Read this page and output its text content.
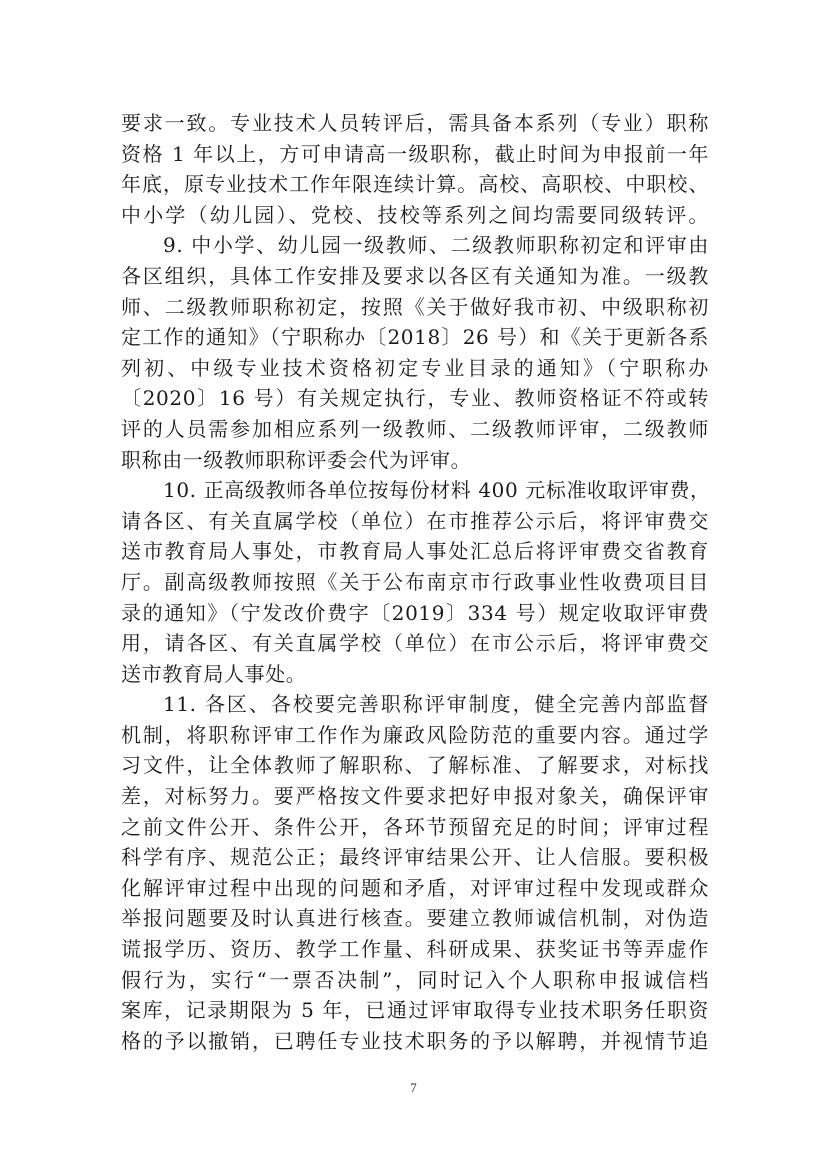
要求一致。专业技术人员转评后，需具备本系列（专业）职称
资格 1 年以上，方可申请高一级职称，截止时间为申报前一年
年底，原专业技术工作年限连续计算。高校、高职校、中职校、
中小学（幼儿园）、党校、技校等系列之间均需要同级转评。
9. 中小学、幼儿园一级教师、二级教师职称初定和评审由
各区组织，具体工作安排及要求以各区有关通知为准。一级教
师、二级教师职称初定，按照《关于做好我市初、中级职称初
定工作的通知》（宁职称办〔2018〕26 号）和《关于更新各系
列初、中级专业技术资格初定专业目录的通知》（宁职称办
〔2020〕16 号）有关规定执行，专业、教师资格证不符或转
评的人员需参加相应系列一级教师、二级教师评审，二级教师
职称由一级教师职称评委会代为评审。
10. 正高级教师各单位按每份材料 400 元标准收取评审费，
请各区、有关直属学校（单位）在市推荐公示后，将评审费交
送市教育局人事处，市教育局人事处汇总后将评审费交省教育
厅。副高级教师按照《关于公布南京市行政事业性收费项目目
录的通知》（宁发改价费字〔2019〕334 号）规定收取评审费
用，请各区、有关直属学校（单位）在市公示后，将评审费交
送市教育局人事处。
11. 各区、各校要完善职称评审制度，健全完善内部监督
机制，将职称评审工作作为廉政风险防范的重要内容。通过学
习文件，让全体教师了解职称、了解标准、了解要求，对标找
差，对标努力。要严格按文件要求把好申报对象关，确保评审
之前文件公开、条件公开，各环节预留充足的时间；评审过程
科学有序、规范公正；最终评审结果公开、让人信服。要积极
化解评审过程中出现的问题和矛盾，对评审过程中发现或群众
举报问题要及时认真进行核查。要建立教师诚信机制，对伪造
谎报学历、资历、教学工作量、科研成果、获奖证书等弄虚作
假行为，实行“一票否决制”，同时记入个人职称申报诚信档
案库，记录期限为 5 年，已通过评审取得专业技术职务任职资
格的予以撤销，已聘任专业技术职务的予以解聘，并视情节追
7
